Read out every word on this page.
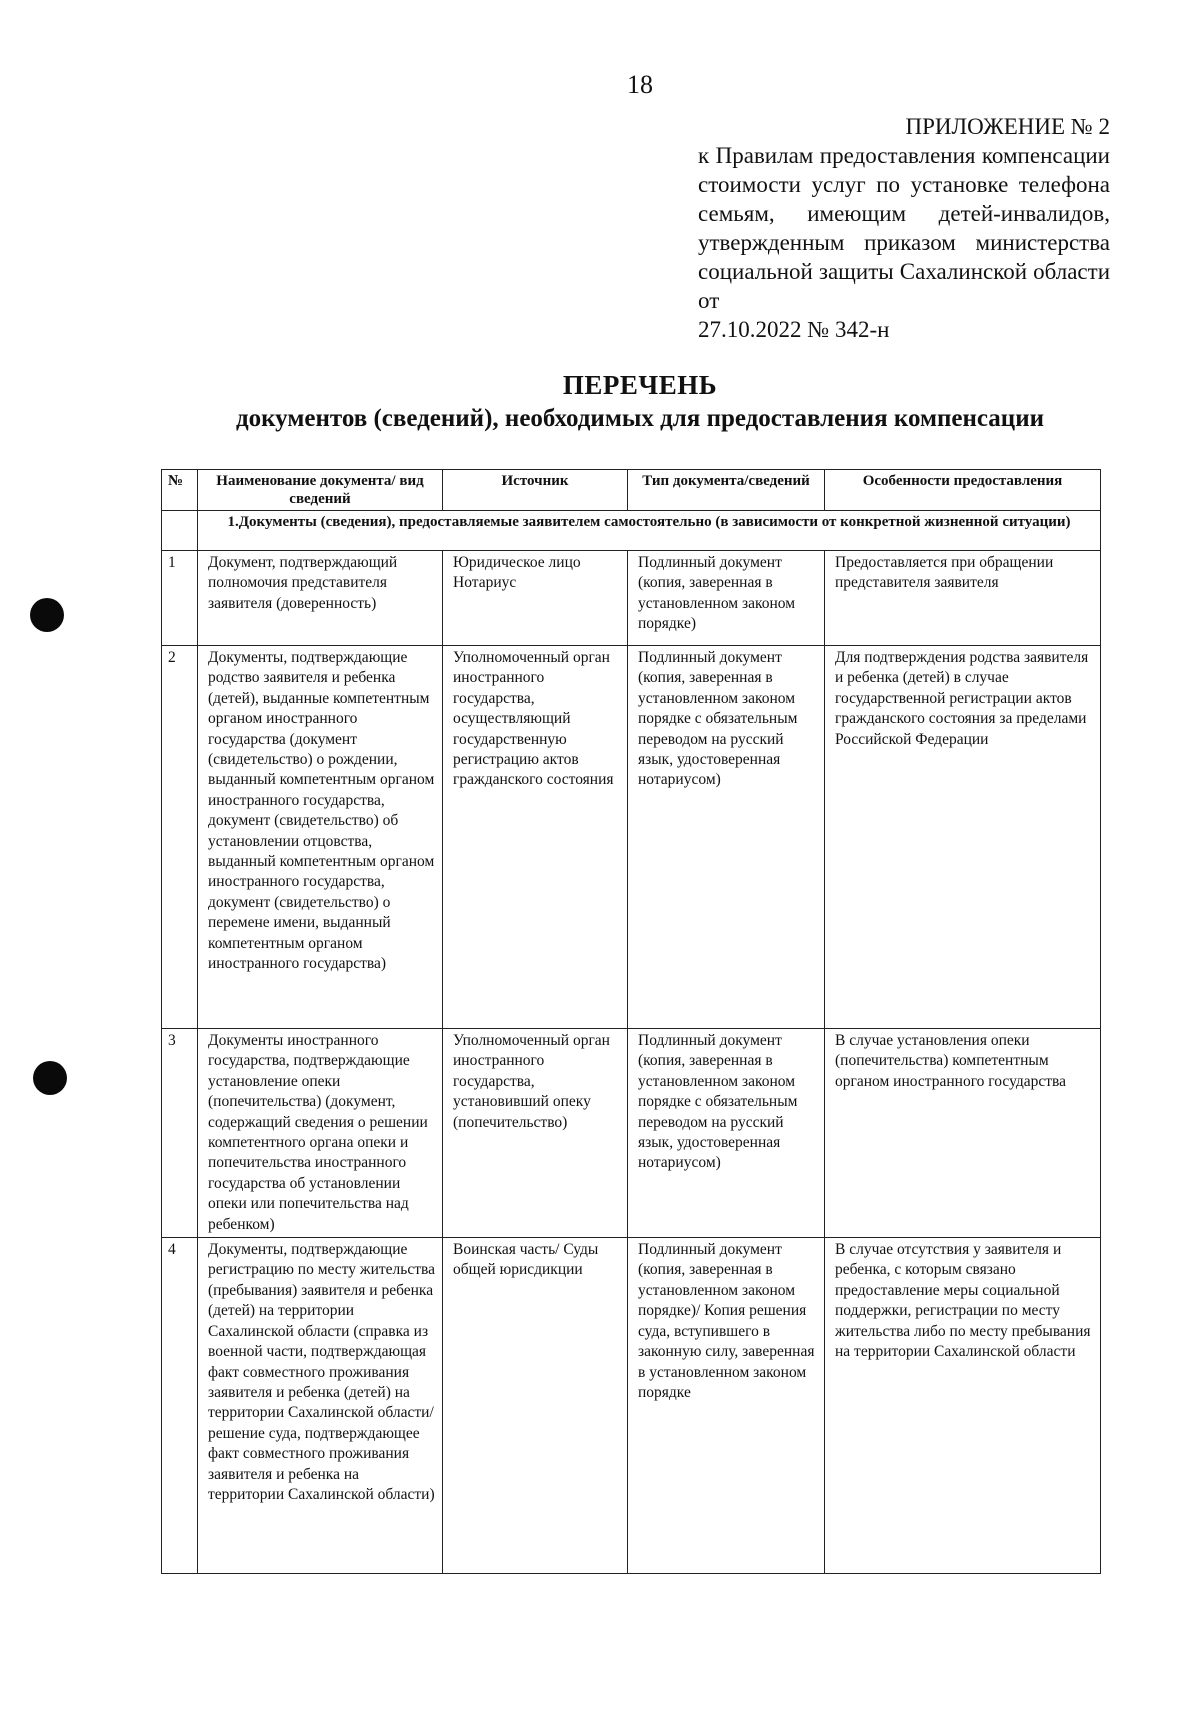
18
ПРИЛОЖЕНИЕ № 2
к Правилам предоставления компенсации стоимости услуг по установке телефона семьям, имеющим детей-инвалидов, утвержденным приказом министерства социальной защиты Сахалинской области от
27.10.2022 № 342-н
ПЕРЕЧЕНЬ
документов (сведений), необходимых для предоставления компенсации
№	Наименование документа/ вид сведений	Источник	Тип документа/сведений	Особенности предоставления
	1.Документы (сведения), предоставляемые заявителем самостоятельно (в зависимости от конкретной жизненной ситуации)			
1	Документ, подтверждающий полномочия представителя заявителя (доверенность)	Юридическое лицо Нотариус	Подлинный документ (копия, заверенная в установленном законом порядке)	Предоставляется при обращении представителя заявителя
2	Документы, подтверждающие родство заявителя и ребенка (детей), выданные компетентным органом иностранного государства (документ (свидетельство) о рождении, выданный компетентным органом иностранного государства, документ (свидетельство) об установлении отцовства, выданный компетентным органом иностранного государства, документ (свидетельство) о перемене имени, выданный компетентным органом иностранного государства)	Уполномоченный орган иностранного государства, осуществляющий государственную регистрацию актов гражданского состояния	Подлинный документ (копия, заверенная в установленном законом порядке с обязательным переводом на русский язык, удостоверенная нотариусом)	Для подтверждения родства заявителя и ребенка (детей) в случае государственной регистрации актов гражданского состояния за пределами Российской Федерации
3	Документы иностранного государства, подтверждающие установление опеки (попечительства) (документ, содержащий сведения о решении компетентного органа опеки и попечительства иностранного государства об установлении опеки или попечительства над ребенком)	Уполномоченный орган иностранного государства, установивший опеку (попечительство)	Подлинный документ (копия, заверенная в установленном законом порядке с обязательным переводом на русский язык, удостоверенная нотариусом)	В случае установления опеки (попечительства) компетентным органом иностранного государства
4	Документы, подтверждающие регистрацию по месту жительства (пребывания) заявителя и ребенка (детей) на территории Сахалинской области (справка из военной части, подтверждающая факт совместного проживания заявителя и ребенка (детей) на территории Сахалинской области/ решение суда, подтверждающее факт совместного проживания заявителя и ребенка на территории Сахалинской области)	Воинская часть/ Суды общей юрисдикции	Подлинный документ (копия, заверенная в установленном законом порядке)/ Копия решения суда, вступившего в законную силу, заверенная в установленном законом порядке	В случае отсутствия у заявителя и ребенка, с которым связано предоставление меры социальной поддержки, регистрации по месту жительства либо по месту пребывания на территории Сахалинской области
